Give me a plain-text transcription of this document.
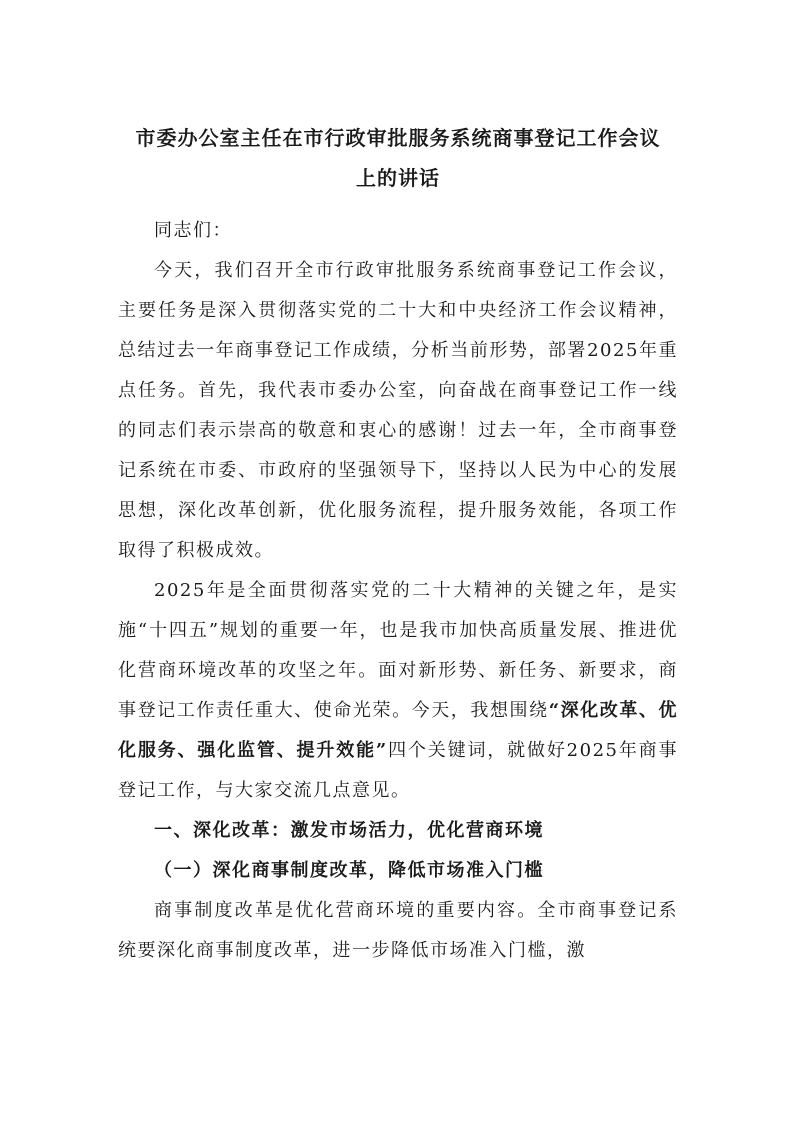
市委办公室主任在市行政审批服务系统商事登记工作会议
上的讲话

同志们：

今天，我们召开全市行政审批服务系统商事登记工作会议，主要任务是深入贯彻落实党的二十大和中央经济工作会议精神，总结过去一年商事登记工作成绩，分析当前形势，部署2025年重点任务。首先，我代表市委办公室，向奋战在商事登记工作一线的同志们表示崇高的敬意和衷心的感谢！过去一年，全市商事登记系统在市委、市政府的坚强领导下，坚持以人民为中心的发展思想，深化改革创新，优化服务流程，提升服务效能，各项工作取得了积极成效。

2025年是全面贯彻落实党的二十大精神的关键之年，是实施“十四五”规划的重要一年，也是我市加快高质量发展、推进优化营商环境改革的攻坚之年。面对新形势、新任务、新要求，商事登记工作责任重大、使命光荣。今天，我想围绕“深化改革、优化服务、强化监管、提升效能”四个关键词，就做好2025年商事登记工作，与大家交流几点意见。

一、深化改革：激发市场活力，优化营商环境
（一）深化商事制度改革，降低市场准入门槛

商事制度改革是优化营商环境的重要内容。全市商事登记系统要深化商事制度改革，进一步降低市场准入门槛，激
